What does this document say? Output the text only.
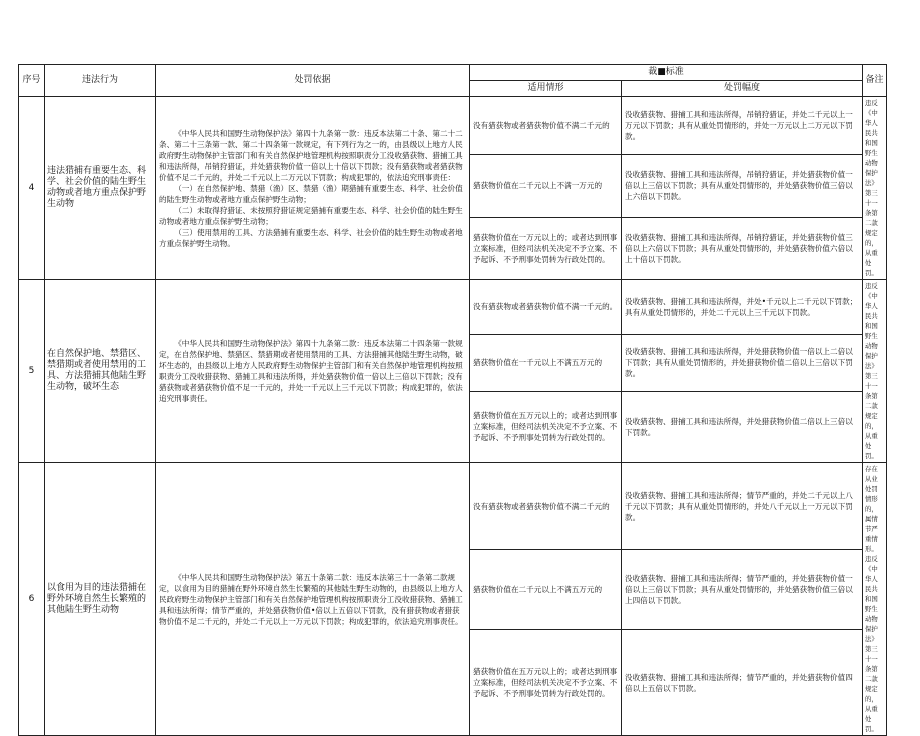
序号	违法行为	处罚依据	裁■标准		备注
			适用情形	处罚幅度	
4	违法猎捕有重要生态、科学、社会价值的陆生野生动物或者地方重点保护野生动物	《中华人民共和国野生动物保护法》第四十九条第一款：违反本法第二十条、第二十二条、第二十三条第一款、第二十四条第一款规定，有下列行为之一的，由县级以上地方人民政府野生动物保护主管部门和有关自然保护地管理机构按照职责分工没收猎获物、猎捕工具和违法所得，吊销狩猎证，并处猎获物价值一倍以上十倍以下罚款；没有猎获物或者猎获物价值不足二千元的，并处二千元以上二万元以下罚款；构成犯罪的，依法追究刑事责任：

（一）在自然保护地、禁猎（渔）区、禁猎（渔）期猎捕有重要生态、科学、社会价值的陆生野生动物或者地方重点保护野生动物；

（二）未取得狩猎证、未按照狩猎证规定猎捕有重要生态、科学、社会价值的陆生野生动物或者地方重点保护野生动物；

（三）使用禁用的工具、方法猎捕有重要生态、科学、社会价值的陆生野生动物或者地方重点保护野生动物。	没有猎获物或者猎获物价值不满二千元的	没收猎获物、猎捕工具和违法所得，吊销狩猎证，并处二千元以上一万元以下罚款；具有从重处罚情形的，并处一万元以上二万元以下罚款。	违反《中华人民共和国野生动物保护法》第三十一条第二款规定的，从重处罚。
			猎获物价值在二千元以上不满一万元的	没收猎获物、猎捕工具和违法所得，吊销狩猎证，并处猎获物价值一倍以上三倍以下罚款；具有从重处罚情形的，并处猎获物价值三倍以上六倍以下罚款。	
			猎获物价值在一万元以上的；或者达到刑事立案标准，但经司法机关决定不予立案、不予起诉、不予刑事处罚转为行政处罚的。	没收猎获物、猎捕工具和违法所得，吊销狩猎证，并处猎获物价值三倍以上六倍以下罚款；具有从重处罚情形的，并处猎获物价值六倍以上十倍以下罚款。	
5	在自然保护地、禁猎区、禁猎期或者使用禁用的工具、方法猎捕其他陆生野生动物，破坏生态	《中华人民共和国野生动物保护法》第四十九条第二款：违反本法第二十四条第一款规定，在自然保护地、禁猎区、禁猎期或者使用禁用的工具、方法猎捕其他陆生野生动物，破坏生态的，由县级以上地方人民政府野生动物保护主管部门和有关自然保护地管理机构按照职责分工没收猎获物、猎捕工具和违法所得，并处猎获物价值一倍以上三倍以下罚款；没有猎获物或者猎获物价值不足一千元的，并处一千元以上三千元以下罚款；构成犯罪的，依法追究刑事责任。	没有猎获物或者猎获物价值不满一千元的。	没收猎获物、猎捕工具和违法所得，并处•千元以上二千元以下罚款；具有从重处罚情形的，并处二千元以上三千元以下罚款。	违反《中华人民共和国野生动物保护法》第三十一条第二款规定的，从重处罚。
			猎获物价值在一千元以上不满五万元的	没收猎获物、猎捕工具和违法所得，并处猎获物价值一倍以上二倍以下罚款；具有从重处罚情形的，并处猎获物价值二倍以上三倍以下罚款。	
			猎获物价值在五万元以上的；或者达到刑事立案标准，但经司法机关决定不予立案、不予起诉、不予刑事处罚转为行政处罚的。	没收猎获物、猎捕工具和违法所得，并处猎获物价值二倍以上三倍以下罚款。	
6	以食用为目的违法猎捕在野外环境自然生长繁殖的其他陆生野生动物	《中华人民共和国野生动物保护法》第五十条第二款：违反本法第三十一条第二款规定，以食用为目的猎捕在野外环境自然生长繁殖的其他陆生野生动物的，由县级以上地方人民政府野生动物保护主管部门和有关自然保护地管理机构按照职责分工没收猎获物、猎捕工具和违法所得；情节严重的，并处猎获物价值•倍以上五倍以下罚款，没有猎获物或者猎获物价值不足二千元的，并处二千元以上一万元以下罚款；构成犯罪的，依法追究刑事责任。	没有猎获物或者猎获物价值不满二千元的	没收猎获物、猎捕工具和违法所得；情节严重的，并处二千元以上八千元以下罚款；具有从重处罚情形的，并处八千元以上一万元以下罚款。	存在从业处罚情形的，属情节严重情形。违反《中华人民共和国野生动物保护法》第三十一条第二款规定的，从重处罚。
			猎获物价值在二千元以上不满五万元的	没收猎获物、猎捕工具和违法所得；情节严重的，并处猎获物价值一倍以上三倍以下罚款；具有从重处罚情形的，并处猎获物价值三倍以上四倍以下罚款。	
			猎获物价值在五万元以上的；或者达到刑事立案标准，但经司法机关决定不予立案、不予起诉、不予刑事处罚转为行政处罚的。	没收猎获物、猎捕工具和违法所得；情节严重的，并处猎获物价值四倍以上五倍以下罚款。	
